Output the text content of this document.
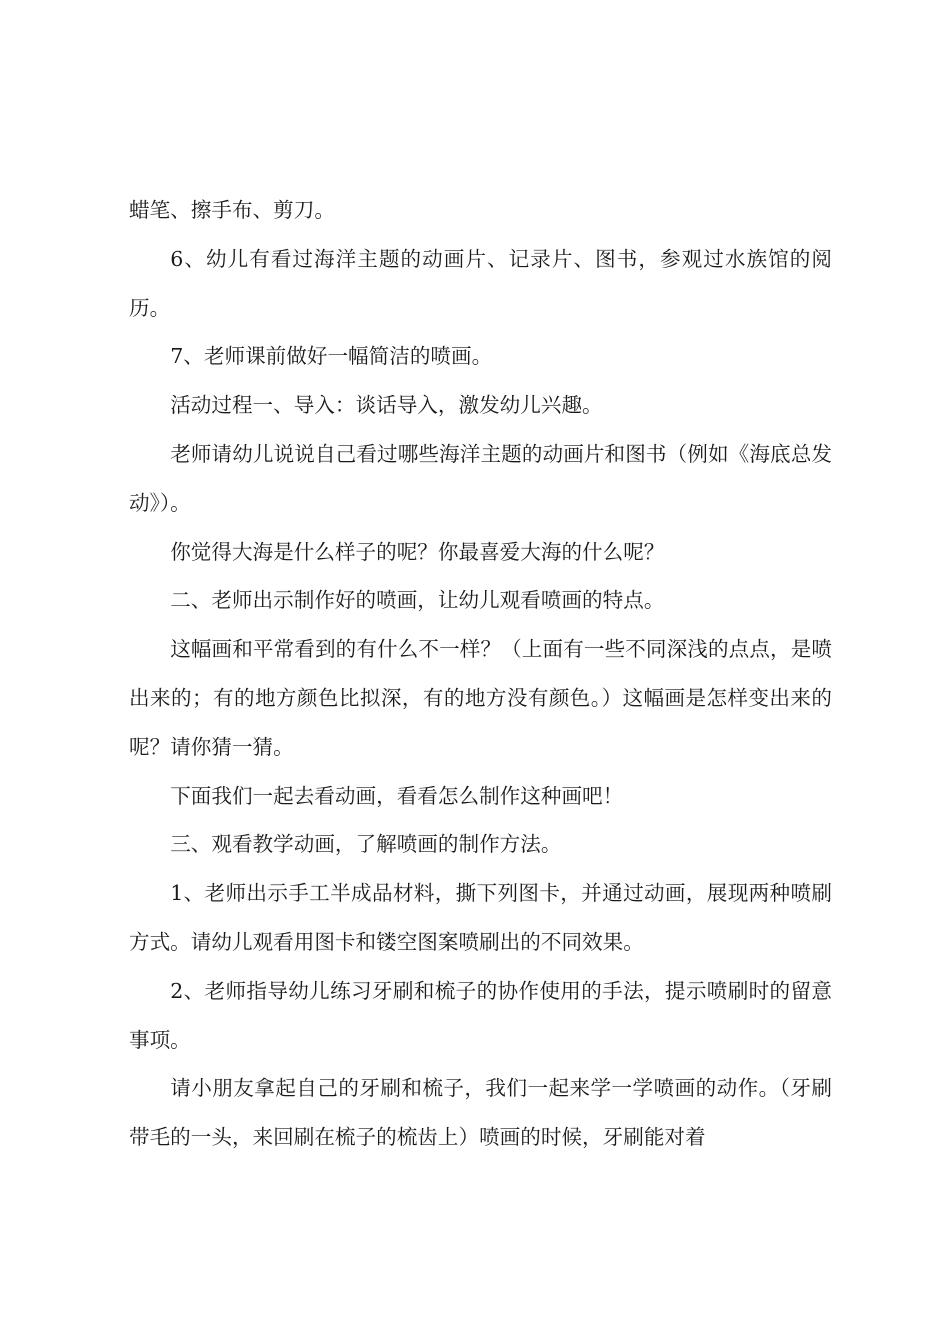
蜡笔、擦手布、剪刀。

6、幼儿有看过海洋主题的动画片、记录片、图书，参观过水族馆的阅历。

7、老师课前做好一幅简洁的喷画。

活动过程一、导入：谈话导入，激发幼儿兴趣。

老师请幼儿说说自己看过哪些海洋主题的动画片和图书（例如《海底总发动》）。

你觉得大海是什么样子的呢？你最喜爱大海的什么呢？

二、老师出示制作好的喷画，让幼儿观看喷画的特点。

这幅画和平常看到的有什么不一样？（上面有一些不同深浅的点点，是喷出来的；有的地方颜色比拟深，有的地方没有颜色。）这幅画是怎样变出来的呢？请你猜一猜。

下面我们一起去看动画，看看怎么制作这种画吧！

三、观看教学动画，了解喷画的制作方法。

1、老师出示手工半成品材料，撕下列图卡，并通过动画，展现两种喷刷方式。请幼儿观看用图卡和镂空图案喷刷出的不同效果。

2、老师指导幼儿练习牙刷和梳子的协作使用的手法，提示喷刷时的留意事项。

请小朋友拿起自己的牙刷和梳子，我们一起来学一学喷画的动作。（牙刷带毛的一头，来回刷在梳子的梳齿上）喷画的时候，牙刷能对着
